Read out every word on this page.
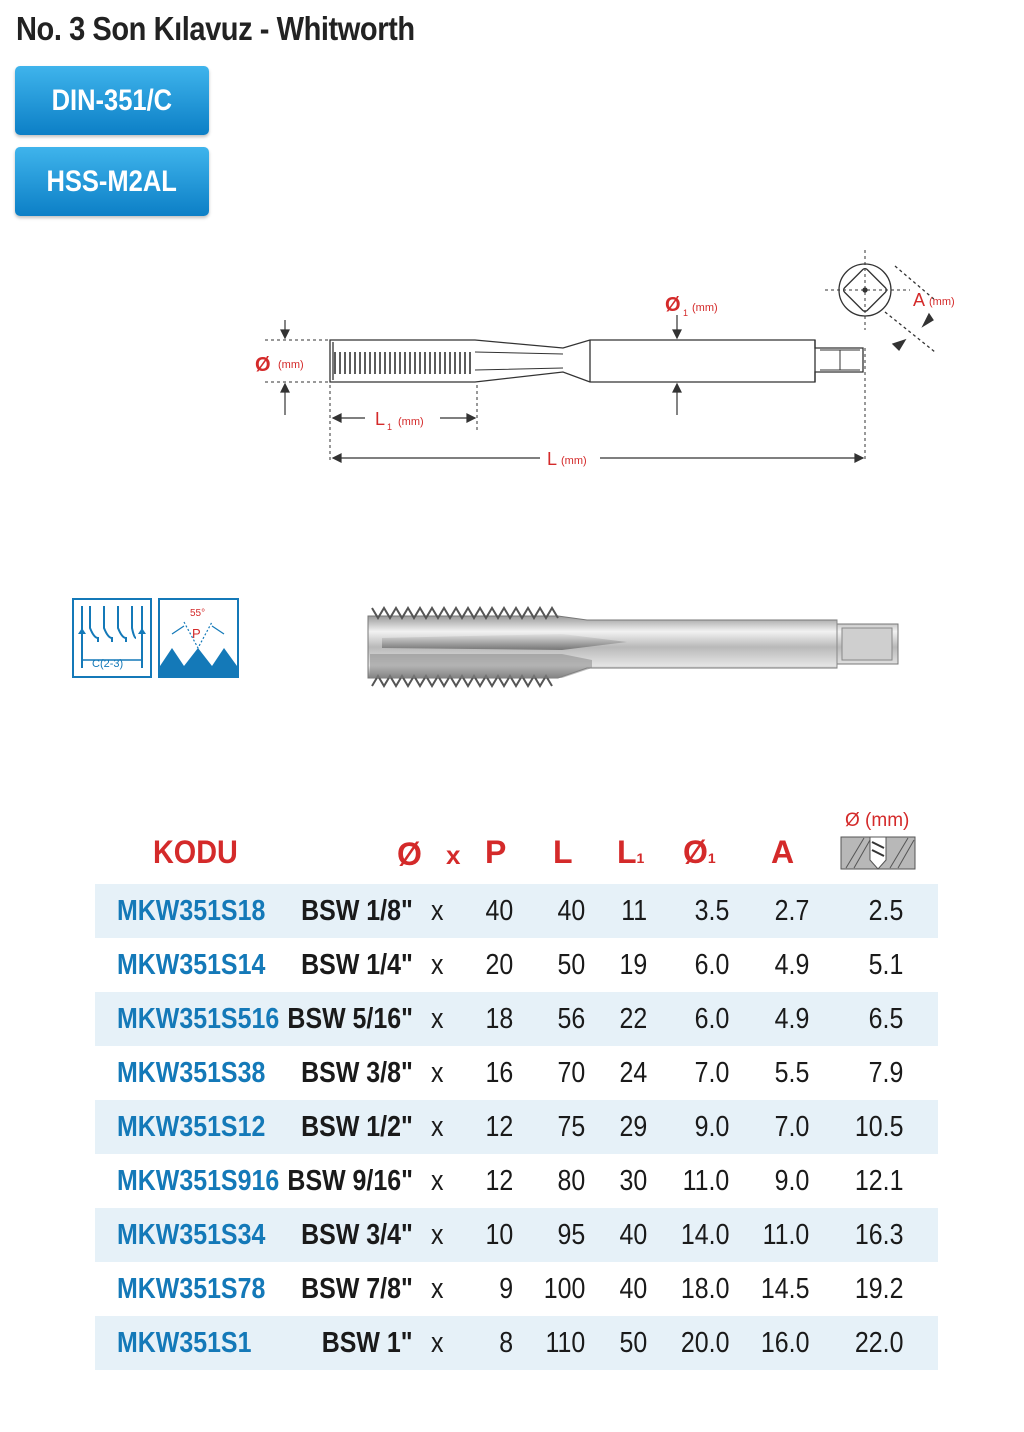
No. 3 Son Kılavuz - Whitworth
DIN-351/C
HSS-M2AL
Ø (mm)
Ø 1 (mm)	A (mm)
L 1 (mm)
L (mm)
C(2-3)
55°
P
KODU	Ø x P L L1 Ø1 A
Ø (mm)
MKW351S18	BSW 1/8" x	40	40	11	3.5	2.7	2.5
MKW351S14	BSW 1/4" x	20	50	19	6.0	4.9	5.1
MKW351S516 BSW 5/16" x	18	56	22	6.0	4.9	6.5
MKW351S38	BSW 3/8" x	16	70	24	7.0	5.5	7.9
MKW351S12	BSW 1/2" x	12	75	29	9.0	7.0	10.5
MKW351S916 BSW 9/16" x	12	80	30	11.0	9.0	12.1
MKW351S34	BSW 3/4" x	10	95	40	14.0	11.0	16.3
MKW351S78	BSW 7/8" x	9	100	40	18.0	14.5	19.2
MKW351S1	BSW 1" x	8	110	50	20.0	16.0	22.0
